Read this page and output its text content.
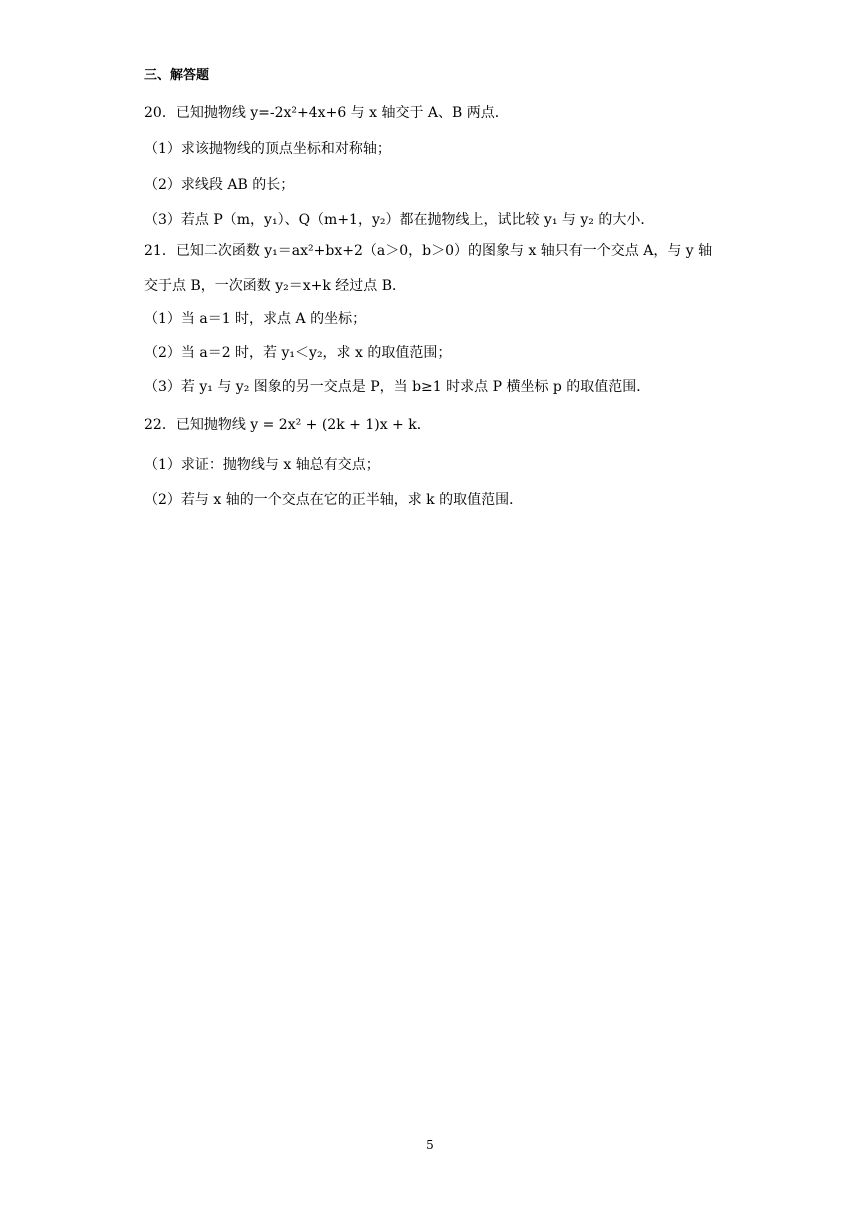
三、解答题
20．已知抛物线 y=-2x²+4x+6 与 x 轴交于 A、B 两点．
（1）求该抛物线的顶点坐标和对称轴；
（2）求线段 AB 的长；
（3）若点 P（m，y₁）、Q（m+1，y₂）都在抛物线上，试比较 y₁ 与 y₂ 的大小．
21．已知二次函数 y₁＝ax²+bx+2（a＞0，b＞0）的图象与 x 轴只有一个交点 A，与 y 轴
交于点 B，一次函数 y₂＝x+k 经过点 B．
（1）当 a＝1 时，求点 A 的坐标；
（2）当 a＝2 时，若 y₁＜y₂，求 x 的取值范围；
（3）若 y₁ 与 y₂ 图象的另一交点是 P，当 b≥1 时求点 P 横坐标 p 的取值范围．
22．已知抛物线 y = 2x² + (2k + 1)x + k．
（1）求证：抛物线与 x 轴总有交点；
（2）若与 x 轴的一个交点在它的正半轴，求 k 的取值范围．
5
